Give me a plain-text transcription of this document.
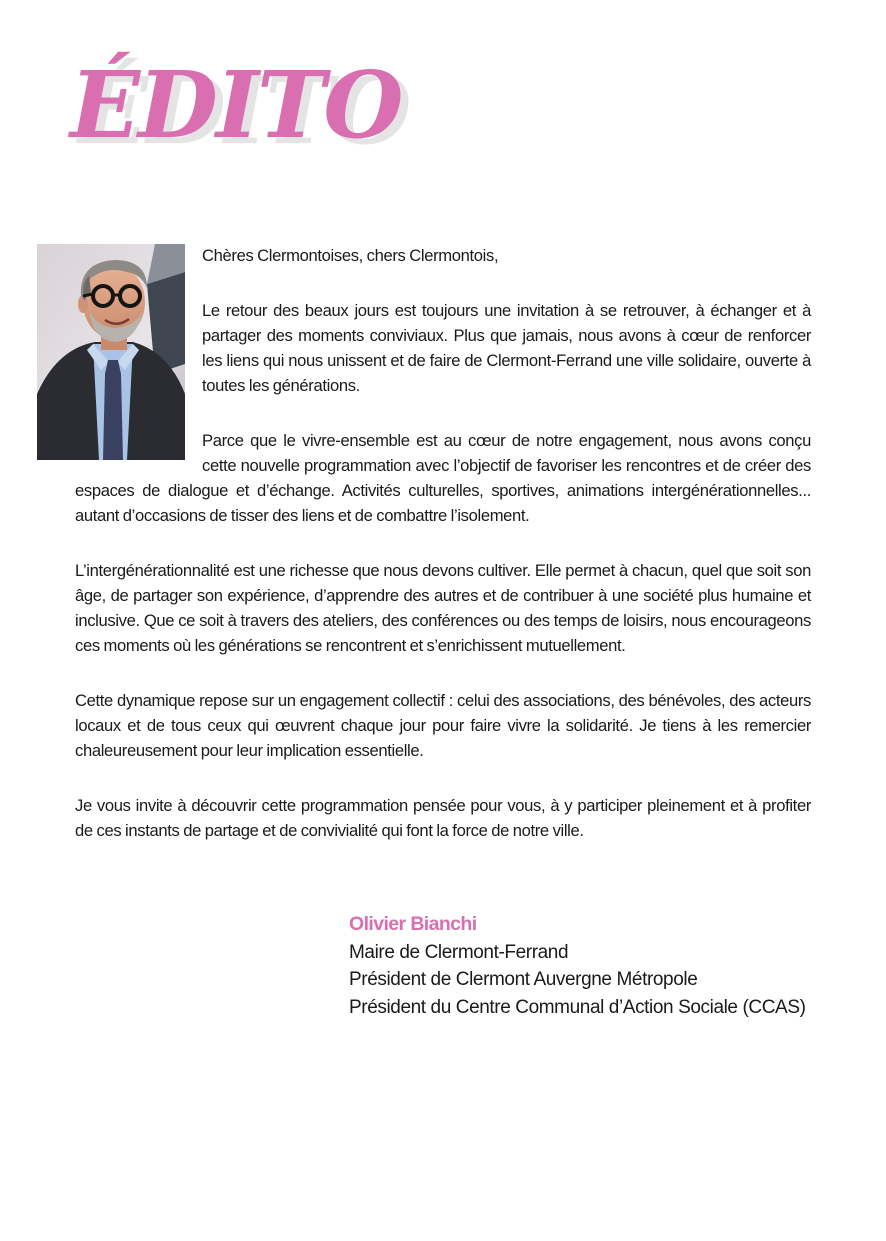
ÉDITO

Chères Clermontoises, chers Clermontois,

Le retour des beaux jours est toujours une invitation à se retrouver, à échanger et à partager des moments conviviaux. Plus que jamais, nous avons à cœur de renforcer les liens qui nous unissent et de faire de Clermont-Ferrand une ville solidaire, ouverte à toutes les générations.

Parce que le vivre-ensemble est au cœur de notre engagement, nous avons conçu cette nouvelle programmation avec l’objectif de favoriser les rencontres et de créer des espaces de dialogue et d’échange. Activités culturelles, sportives, animations intergénérationnelles... autant d’occasions de tisser des liens et de combattre l’isolement.

L’intergénérationnalité est une richesse que nous devons cultiver. Elle permet à chacun, quel que soit son âge, de partager son expérience, d’apprendre des autres et de contribuer à une société plus humaine et inclusive. Que ce soit à travers des ateliers, des conférences ou des temps de loisirs, nous encourageons ces moments où les générations se rencontrent et s’enrichissent mutuellement.

Cette dynamique repose sur un engagement collectif : celui des associations, des bénévoles, des acteurs locaux et de tous ceux qui œuvrent chaque jour pour faire vivre la solidarité. Je tiens à les remercier chaleureusement pour leur implication essentielle.

Je vous invite à découvrir cette programmation pensée pour vous, à y participer pleinement et à profiter de ces instants de partage et de convivialité qui font la force de notre ville.

Olivier Bianchi
Maire de Clermont-Ferrand
Président de Clermont Auvergne Métropole
Président du Centre Communal d’Action Sociale (CCAS)
